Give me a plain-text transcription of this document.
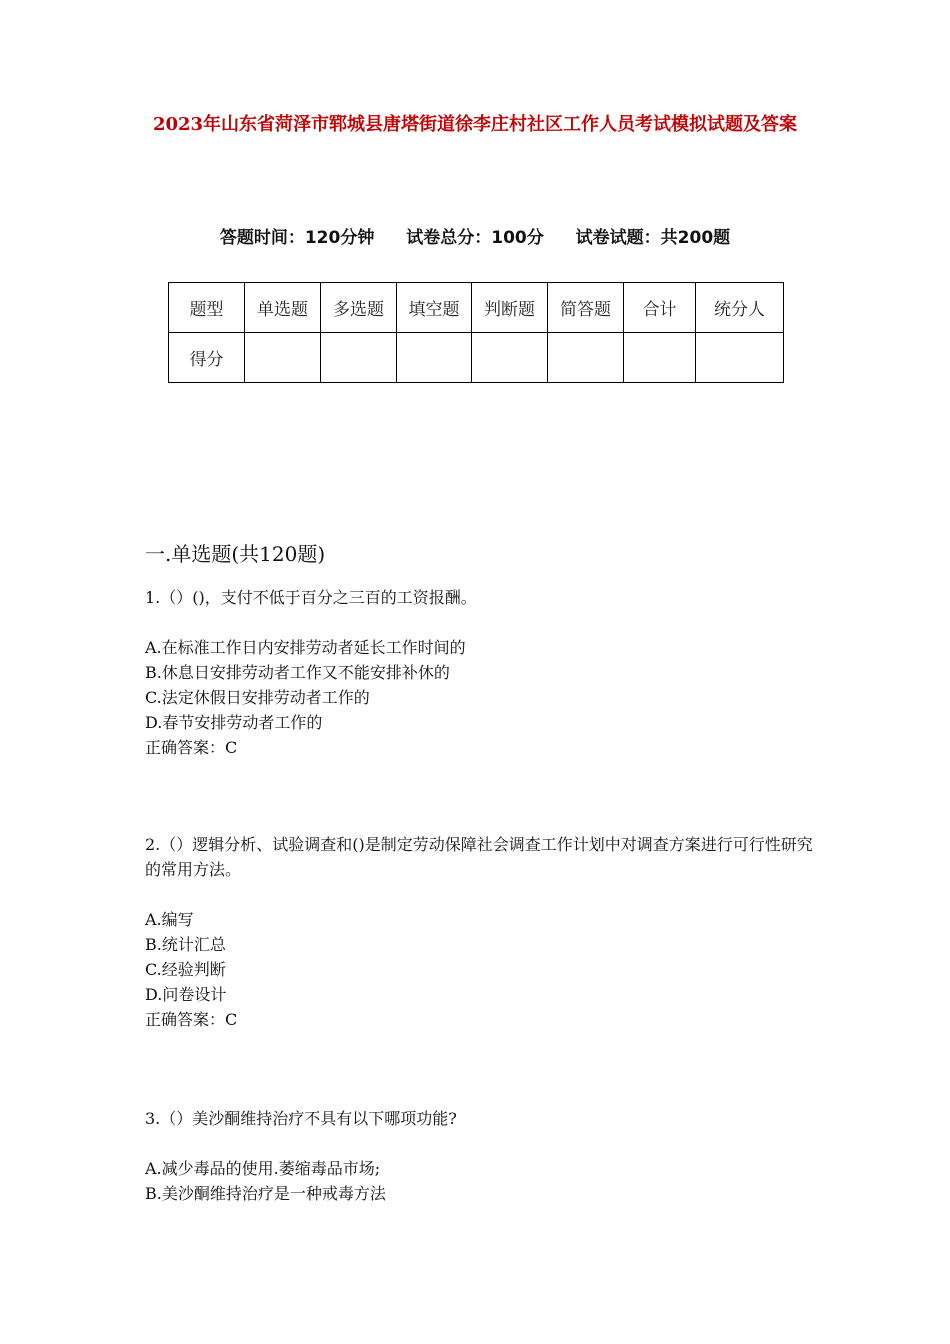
2023年山东省菏泽市郓城县唐塔街道徐李庄村社区工作人员考试模拟试题及答案
答题时间：120分钟 试卷总分：100分 试卷试题：共200题
题型	单选题	多选题	填空题	判断题	简答题	合计	统分人
得分							
一.单选题(共120题)

1.（）()，支付不低于百分之三百的工资报酬。

A.在标准工作日内安排劳动者延长工作时间的

B.休息日安排劳动者工作又不能安排补休的

C.法定休假日安排劳动者工作的

D.春节安排劳动者工作的

正确答案：C

2.（）逻辑分析、试验调查和()是制定劳动保障社会调查工作计划中对调查方案进行可行性研究的常用方法。

A.编写

B.统计汇总

C.经验判断

D.问卷设计

正确答案：C

3.（）美沙酮维持治疗不具有以下哪项功能?

A.减少毒品的使用.萎缩毒品市场;

B.美沙酮维持治疗是一种戒毒方法
